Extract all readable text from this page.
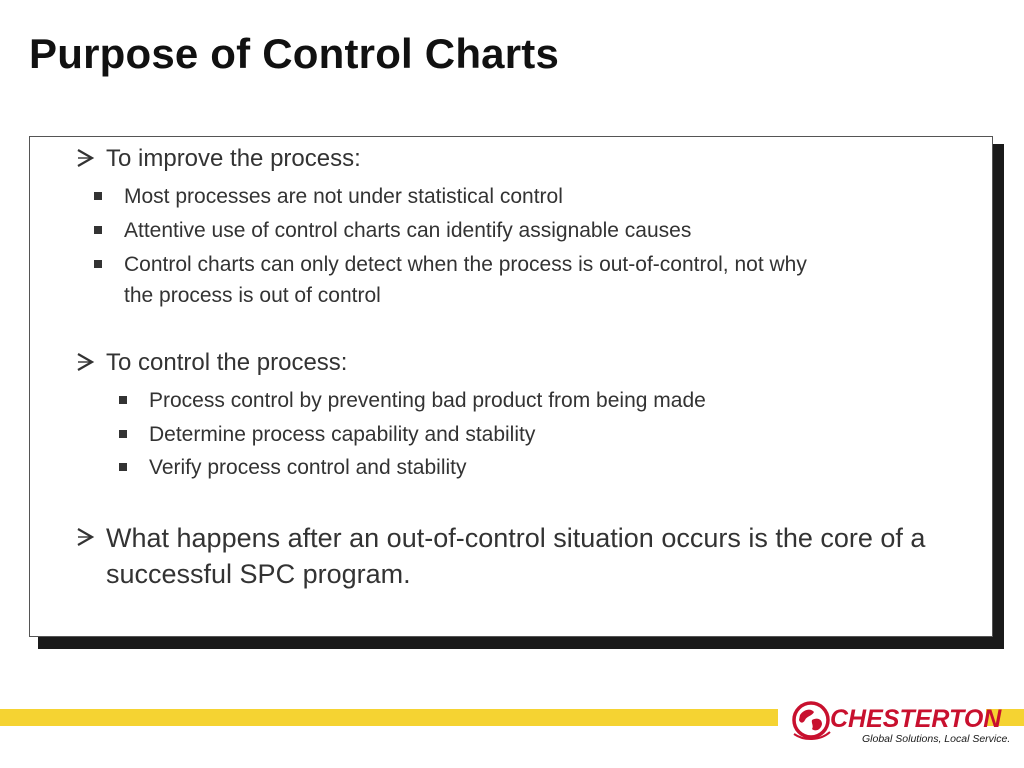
Purpose of Control Charts
To improve the process:
Most processes are not under statistical control
Attentive use of control charts can identify assignable causes
Control charts can only detect when the process is out-of-control, not why
the process is out of control
To control the process:
Process control by preventing bad product from being made
Determine process capability and stability
Verify process control and stability
What happens after an out-of-control situation occurs is the core of a
successful SPC program.
CHESTERTON
Global Solutions, Local Service.
